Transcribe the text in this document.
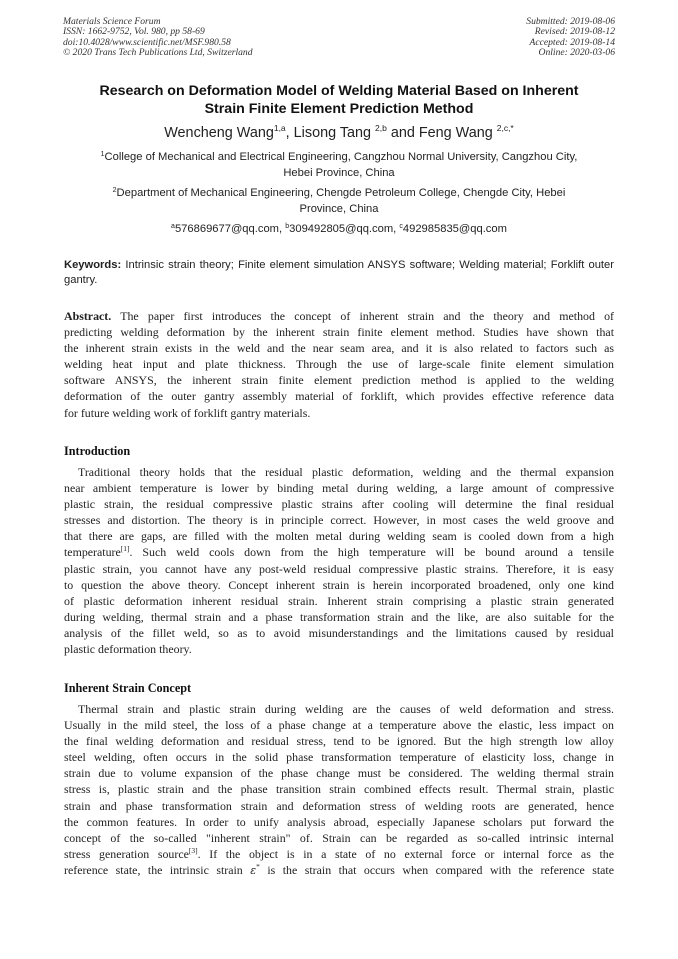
Materials Science Forum
ISSN: 1662-9752, Vol. 980, pp 58-69
doi:10.4028/www.scientific.net/MSF.980.58
© 2020 Trans Tech Publications Ltd, Switzerland
Submitted: 2019-08-06
Revised: 2019-08-12
Accepted: 2019-08-14
Online: 2020-03-06
Research on Deformation Model of Welding Material Based on Inherent
Strain Finite Element Prediction Method
Wencheng Wang$^{1,a}$, Lisong Tang $^{2,b}$ and Feng Wang $^{2,c,*}$
$^1$College of Mechanical and Electrical Engineering, Cangzhou Normal University, Cangzhou City,
Hebei Province, China
$^2$Department of Mechanical Engineering, Chengde Petroleum College, Chengde City, Hebei
Province, China
$^a$576869677@qq.com, $^b$309492805@qq.com, $^c$492985835@qq.com
Keywords: Intrinsic strain theory; Finite element simulation ANSYS software; Welding material; Forklift outer gantry.
Abstract. The paper first introduces the concept of inherent strain and the theory and method of
predicting welding deformation by the inherent strain finite element method. Studies have shown that
the inherent strain exists in the weld and the near seam area, and it is also related to factors such as
welding heat input and plate thickness. Through the use of large-scale finite element simulation
software ANSYS, the inherent strain finite element prediction method is applied to the welding
deformation of the outer gantry assembly material of forklift, which provides effective reference data
for future welding work of forklift gantry materials.
Introduction
Traditional theory holds that the residual plastic deformation, welding and the thermal expansion
near ambient temperature is lower by binding metal during welding, a large amount of compressive
plastic strain, the residual compressive plastic strains after cooling will determine the final residual
stresses and distortion. The theory is in principle correct. However, in most cases the weld groove and
that there are gaps, are filled with the molten metal during welding seam is cooled down from a high
temperature[1]. Such weld cools down from the high temperature will be bound around a tensile
plastic strain, you cannot have any post-weld residual compressive plastic strains. Therefore, it is easy
to question the above theory. Concept inherent strain is herein incorporated broadened, only one kind
of plastic deformation inherent residual strain. Inherent strain comprising a plastic strain generated
during welding, thermal strain and a phase transformation strain and the like, are also suitable for the
analysis of the fillet weld, so as to avoid misunderstandings and the limitations caused by residual
plastic deformation theory.
Inherent Strain Concept
Thermal strain and plastic strain during welding are the causes of weld deformation and stress.
Usually in the mild steel, the loss of a phase change at a temperature above the elastic, less impact on
the final welding deformation and residual stress, tend to be ignored. But the high strength low alloy
steel welding, often occurs in the solid phase transformation temperature of elasticity loss, change in
strain due to volume expansion of the phase change must be considered. The welding thermal strain
stress is, plastic strain and the phase transition strain combined effects result. Thermal strain, plastic
strain and phase transformation strain and deformation stress of welding roots are generated, hence
the common features. In order to unify analysis abroad, especially Japanese scholars put forward the
concept of the so-called "inherent strain" of. Strain can be regarded as so-called intrinsic internal
stress generation source[3]. If the object is in a state of no external force or internal force as the
reference state, the intrinsic strain ε* is the strain that occurs when compared with the reference state
